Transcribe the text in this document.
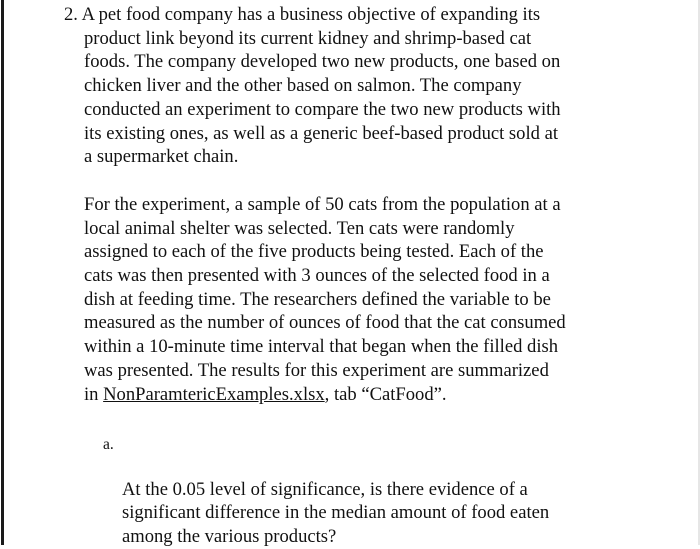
2. A pet food company has a business objective of expanding its
product link beyond its current kidney and shrimp-based cat
foods. The company developed two new products, one based on
chicken liver and the other based on salmon. The company
conducted an experiment to compare the two new products with
its existing ones, as well as a generic beef-based product sold at
a supermarket chain.

For the experiment, a sample of 50 cats from the population at a
local animal shelter was selected. Ten cats were randomly
assigned to each of the five products being tested. Each of the
cats was then presented with 3 ounces of the selected food in a
dish at feeding time. The researchers defined the variable to be
measured as the number of ounces of food that the cat consumed
within a 10-minute time interval that began when the filled dish
was presented. The results for this experiment are summarized
in NonParamtericExamples.xlsx, tab “CatFood”.

a.

At the 0.05 level of significance, is there evidence of a
significant difference in the median amount of food eaten
among the various products?
